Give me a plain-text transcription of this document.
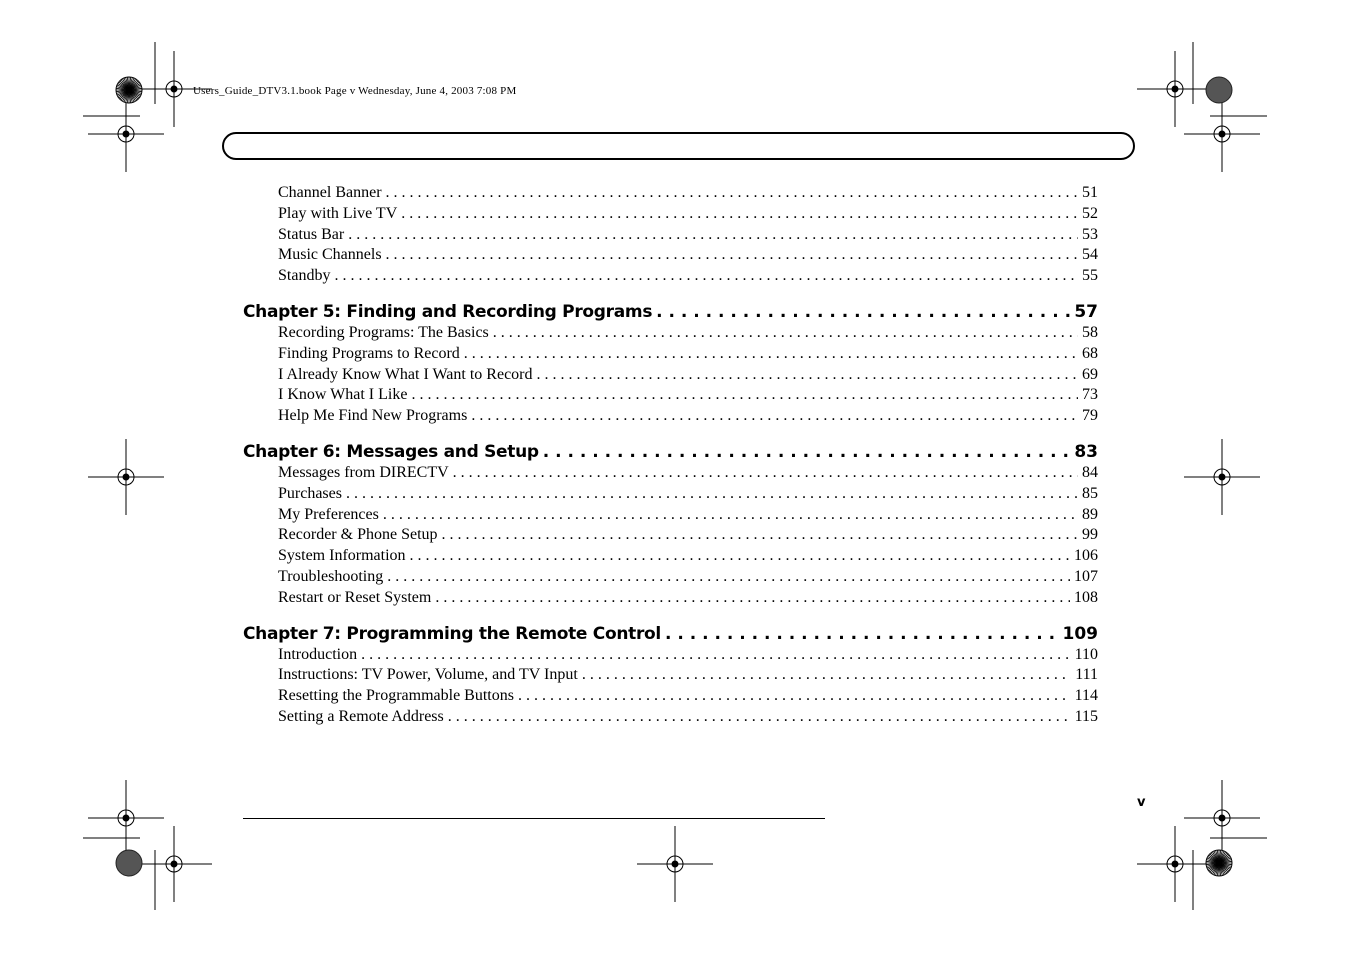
Users_Guide_DTV3.1.book Page v Wednesday, June 4, 2003 7:08 PM
Channel Banner . . .	51
Play with Live TV . . .	52
Status Bar . . .	53
Music Channels . . .	54
Standby . . .	55
Chapter 5: Finding and Recording Programs . . .	57
Recording Programs: The Basics . . .	58
Finding Programs to Record . . .	68
I Already Know What I Want to Record . . .	69
I Know What I Like . . .	73
Help Me Find New Programs . . .	79
Chapter 6: Messages and Setup . . .	83
Messages from DIRECTV . . .	84
Purchases . . .	85
My Preferences . . .	89
Recorder & Phone Setup . . .	99
System Information . . .	106
Troubleshooting . . .	107
Restart or Reset System . . .	108
Chapter 7: Programming the Remote Control . . .	109
Introduction . . .	110
Instructions: TV Power, Volume, and TV Input . . .	111
Resetting the Programmable Buttons . . .	114
Setting a Remote Address . . .	115
v
